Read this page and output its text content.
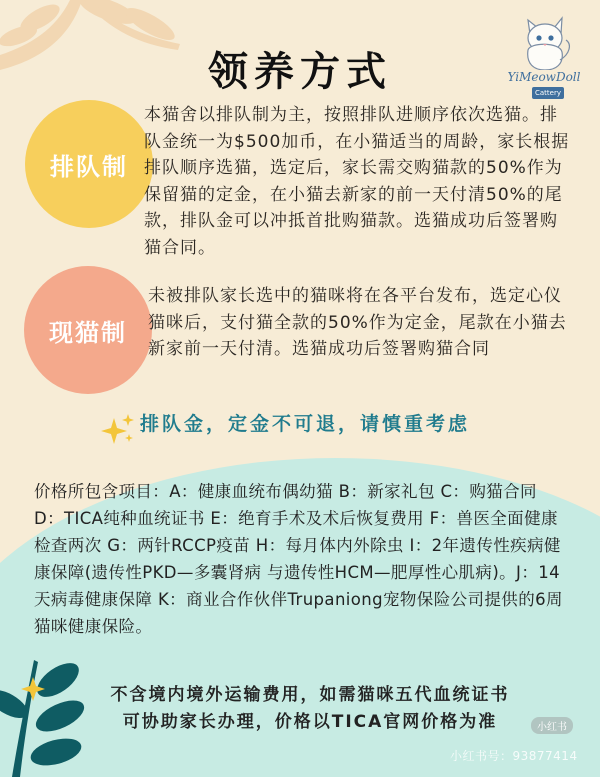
领养方式	YiMeowDoll
Cattery
排队制
本猫舍以排队制为主，按照排队进顺序依次选猫。排队金统一为$500加币，在小猫适当的周龄，家长根据排队顺序选猫，选定后，家长需交购猫款的50%作为保留猫的定金，在小猫去新家的前一天付清50%的尾款，排队金可以冲抵首批购猫款。选猫成功后签署购猫合同。
现猫制
未被排队家长选中的猫咪将在各平台发布，选定心仪猫咪后，支付猫全款的50%作为定金，尾款在小猫去新家前一天付清。选猫成功后签署购猫合同
排队金，定金不可退，请慎重考虑
价格所包含项目：A：健康血统布偶幼猫 B：新家礼包 C：购猫合同 D：TICA纯种血统证书 E：绝育手术及术后恢复费用 F：兽医全面健康检查两次 G：两针RCCP疫苗 H：每月体内外除虫 I：2年遗传性疾病健康保障(遗传性PKD—多囊肾病 与遗传性HCM—肥厚性心肌病)。J：14天病毒健康保障 K：商业合作伙伴Trupaniong宠物保险公司提供的6周猫咪健康保险。
不含境内境外运输费用，如需猫咪五代血统证书
可协助家长办理，价格以TICA官网价格为准	小红书
小红书号：93877414
